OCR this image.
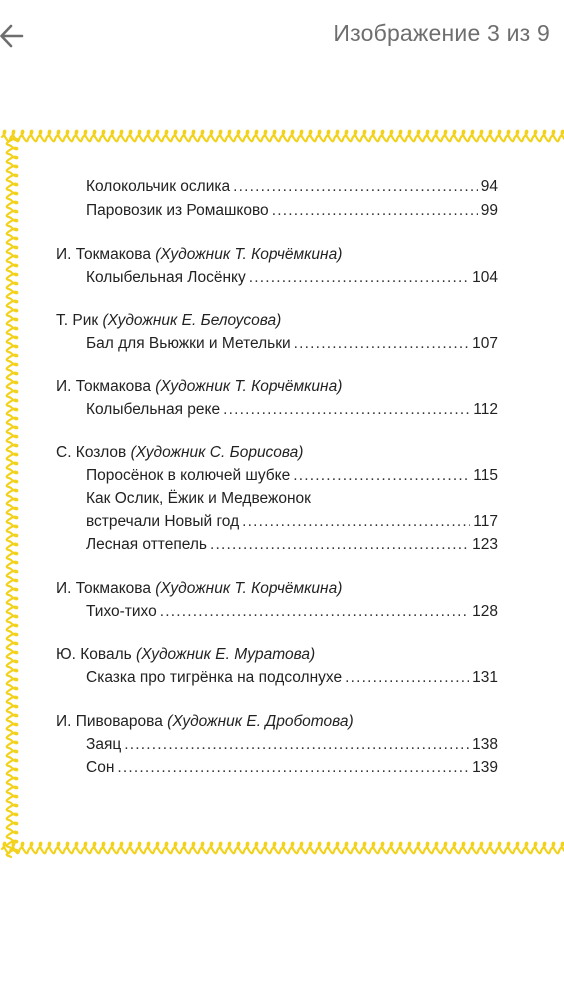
Изображение 3 из 9
Колокольчик ослика .....	94
Паровозик из Ромашково .....	99
И. Токмакова (Художник Т. Корчёмкина)
Колыбельная Лосёнку .....	104
Т. Рик (Художник Е. Белоусова)
Бал для Вьюжки и Метельки .....	107
И. Токмакова (Художник Т. Корчёмкина)
Колыбельная реке .....	112
С. Козлов (Художник С. Борисова)
Поросёнок в колючей шубке .....	115
Как Ослик, Ёжик и Медвежонок
встречали Новый год .....	117
Лесная оттепель .....	123
И. Токмакова (Художник Т. Корчёмкина)
Тихо-тихо .....	128
Ю. Коваль (Художник Е. Муратова)
Сказка про тигрёнка на подсолнухе .....	131
И. Пивоварова (Художник Е. Дроботова)
Заяц .....	138
Сон .....	139
